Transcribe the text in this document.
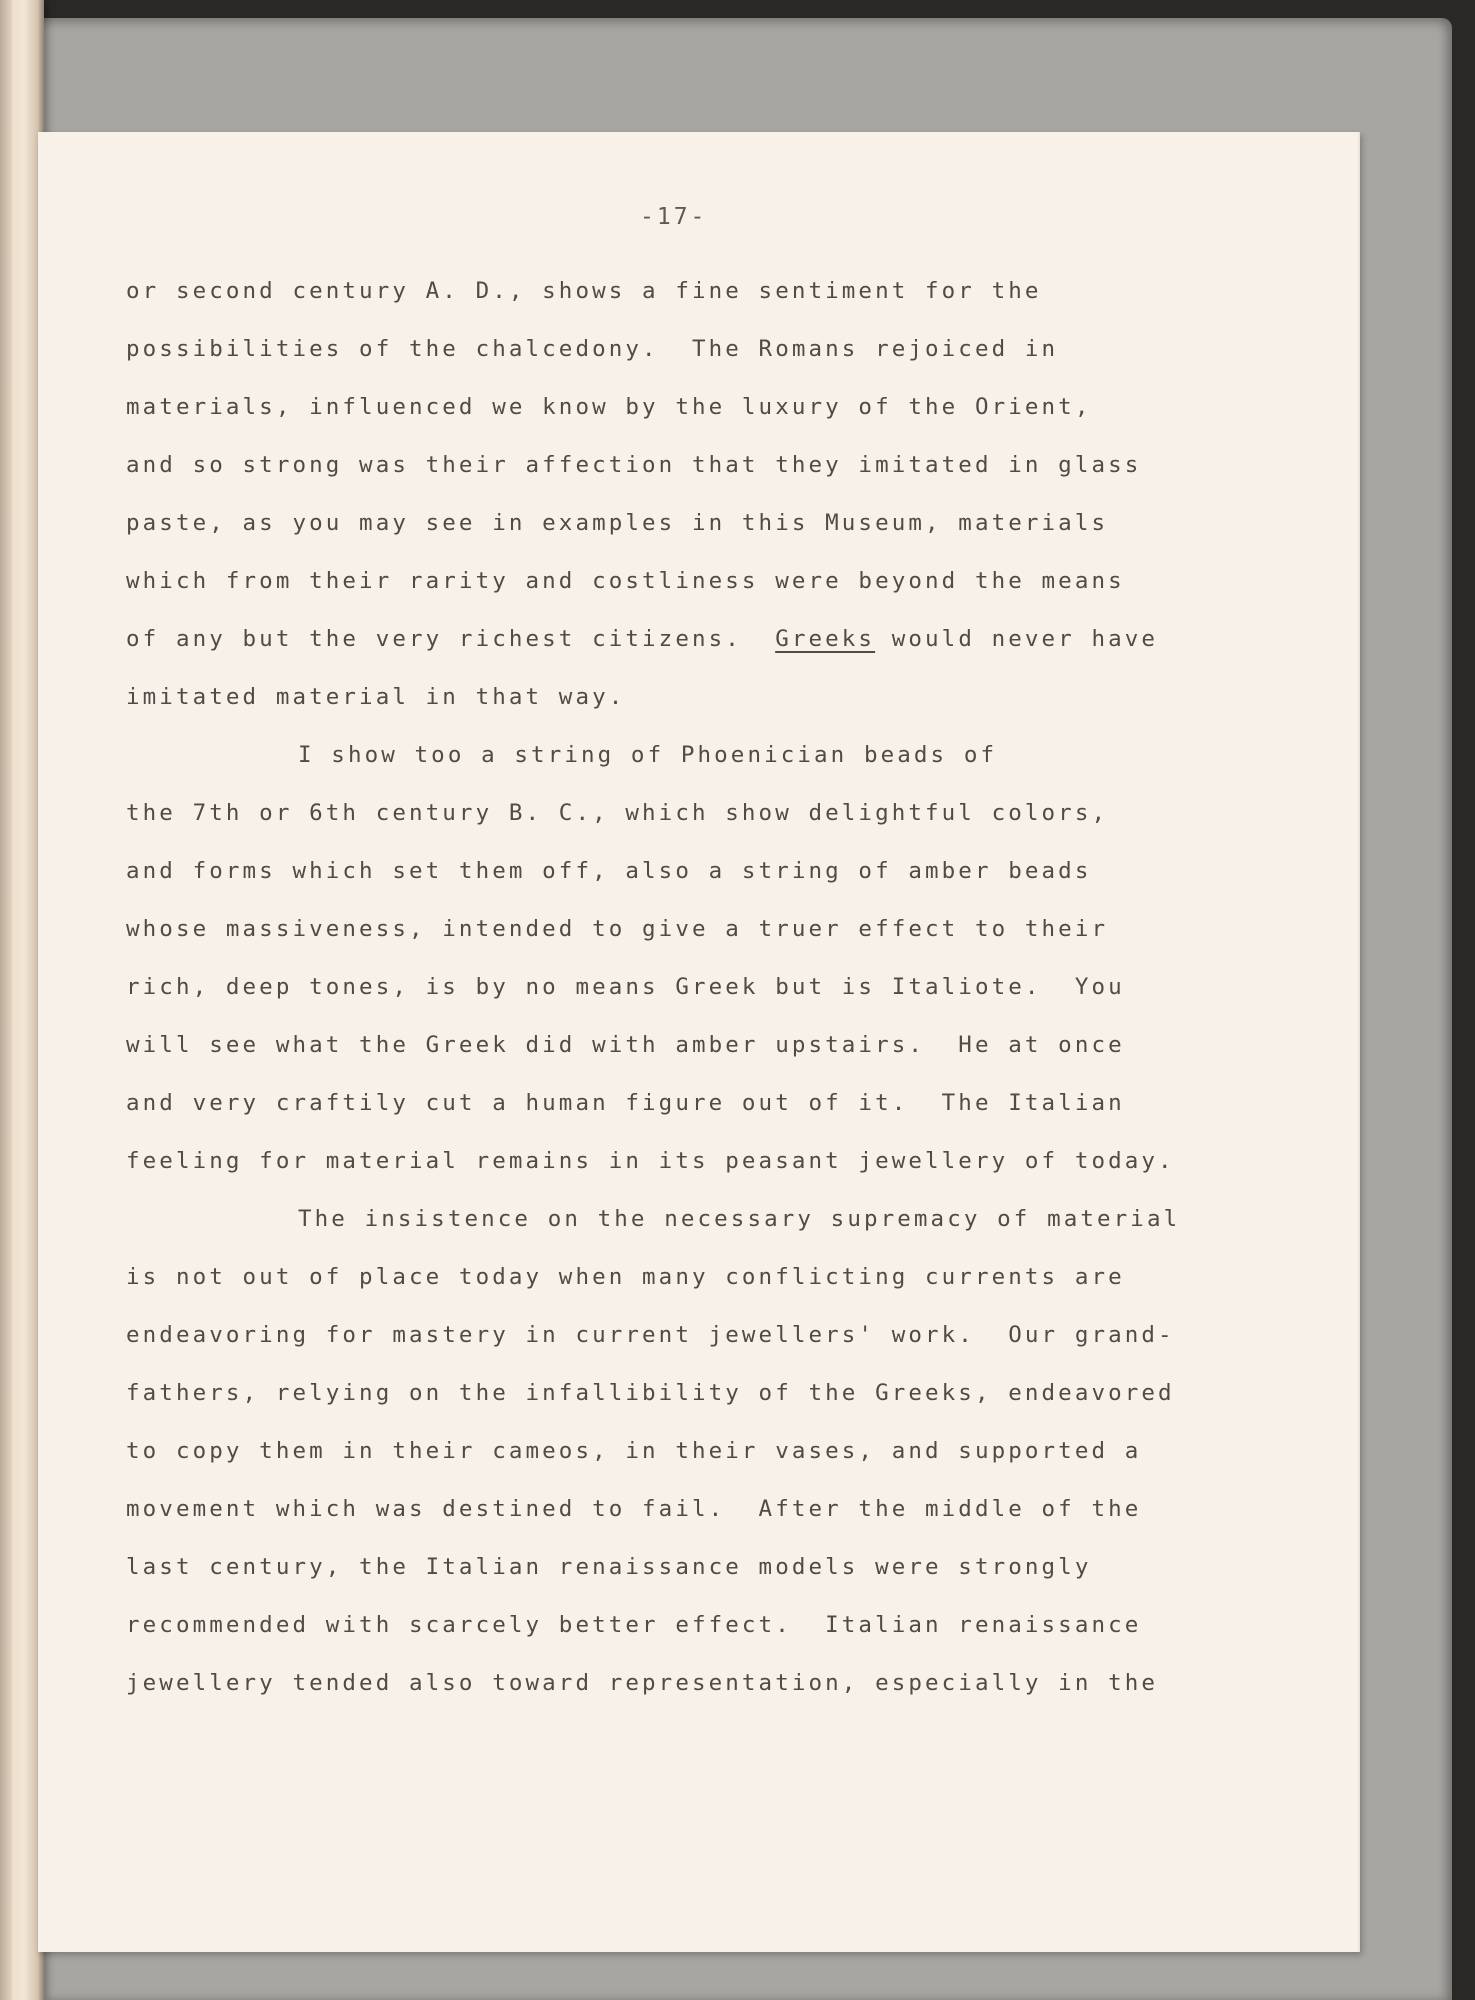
-17-

or second century A. D., shows a fine sentiment for the

possibilities of the chalcedony.  The Romans rejoiced in

materials, influenced we know by the luxury of the Orient,

and so strong was their affection that they imitated in glass

paste, as you may see in examples in this Museum, materials

which from their rarity and costliness were beyond the means

of any but the very richest citizens.  Greeks would never have

imitated material in that way.

I show too a string of Phoenician beads of

the 7th or 6th century B. C., which show delightful colors,

and forms which set them off, also a string of amber beads

whose massiveness, intended to give a truer effect to their

rich, deep tones, is by no means Greek but is Italiote.  You

will see what the Greek did with amber upstairs.  He at once

and very craftily cut a human figure out of it.  The Italian

feeling for material remains in its peasant jewellery of today.

The insistence on the necessary supremacy of material

is not out of place today when many conflicting currents are

endeavoring for mastery in current jewellers' work.  Our grand-

fathers, relying on the infallibility of the Greeks, endeavored

to copy them in their cameos, in their vases, and supported a

movement which was destined to fail.  After the middle of the

last century, the Italian renaissance models were strongly

recommended with scarcely better effect.  Italian renaissance

jewellery tended also toward representation, especially in the
